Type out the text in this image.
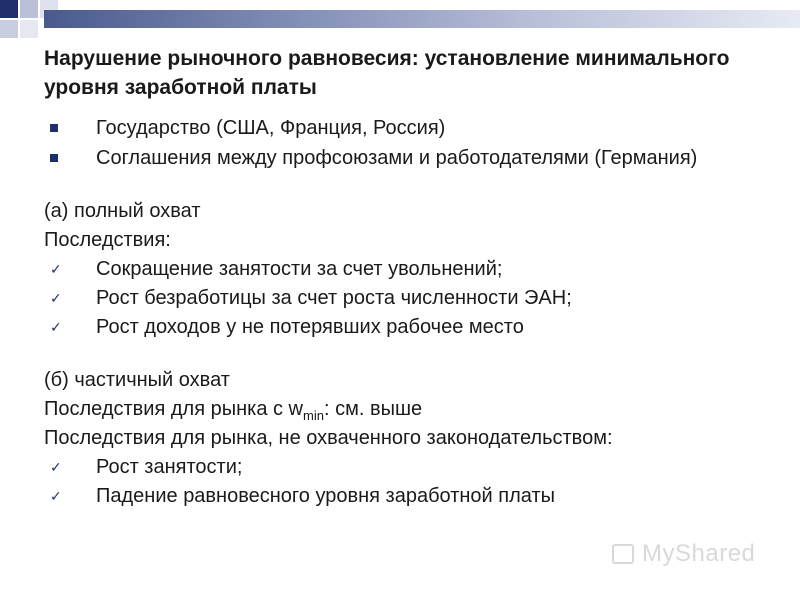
Нарушение рыночного равновесия: установление минимального уровня заработной платы
Государство (США, Франция, Россия)
Соглашения между профсоюзами и работодателями (Германия)
(а) полный охват
Последствия:
✓ Сокращение занятости за счет увольнений;
✓ Рост безработицы за счет роста численности ЭАН;
✓ Рост доходов у не потерявших рабочее место
(б) частичный охват
Последствия для рынка с $w_{min}$: см. выше
Последствия для рынка, не охваченного законодательством:
✓ Рост занятости;
✓ Падение равновесного уровня заработной платы
MyShared
